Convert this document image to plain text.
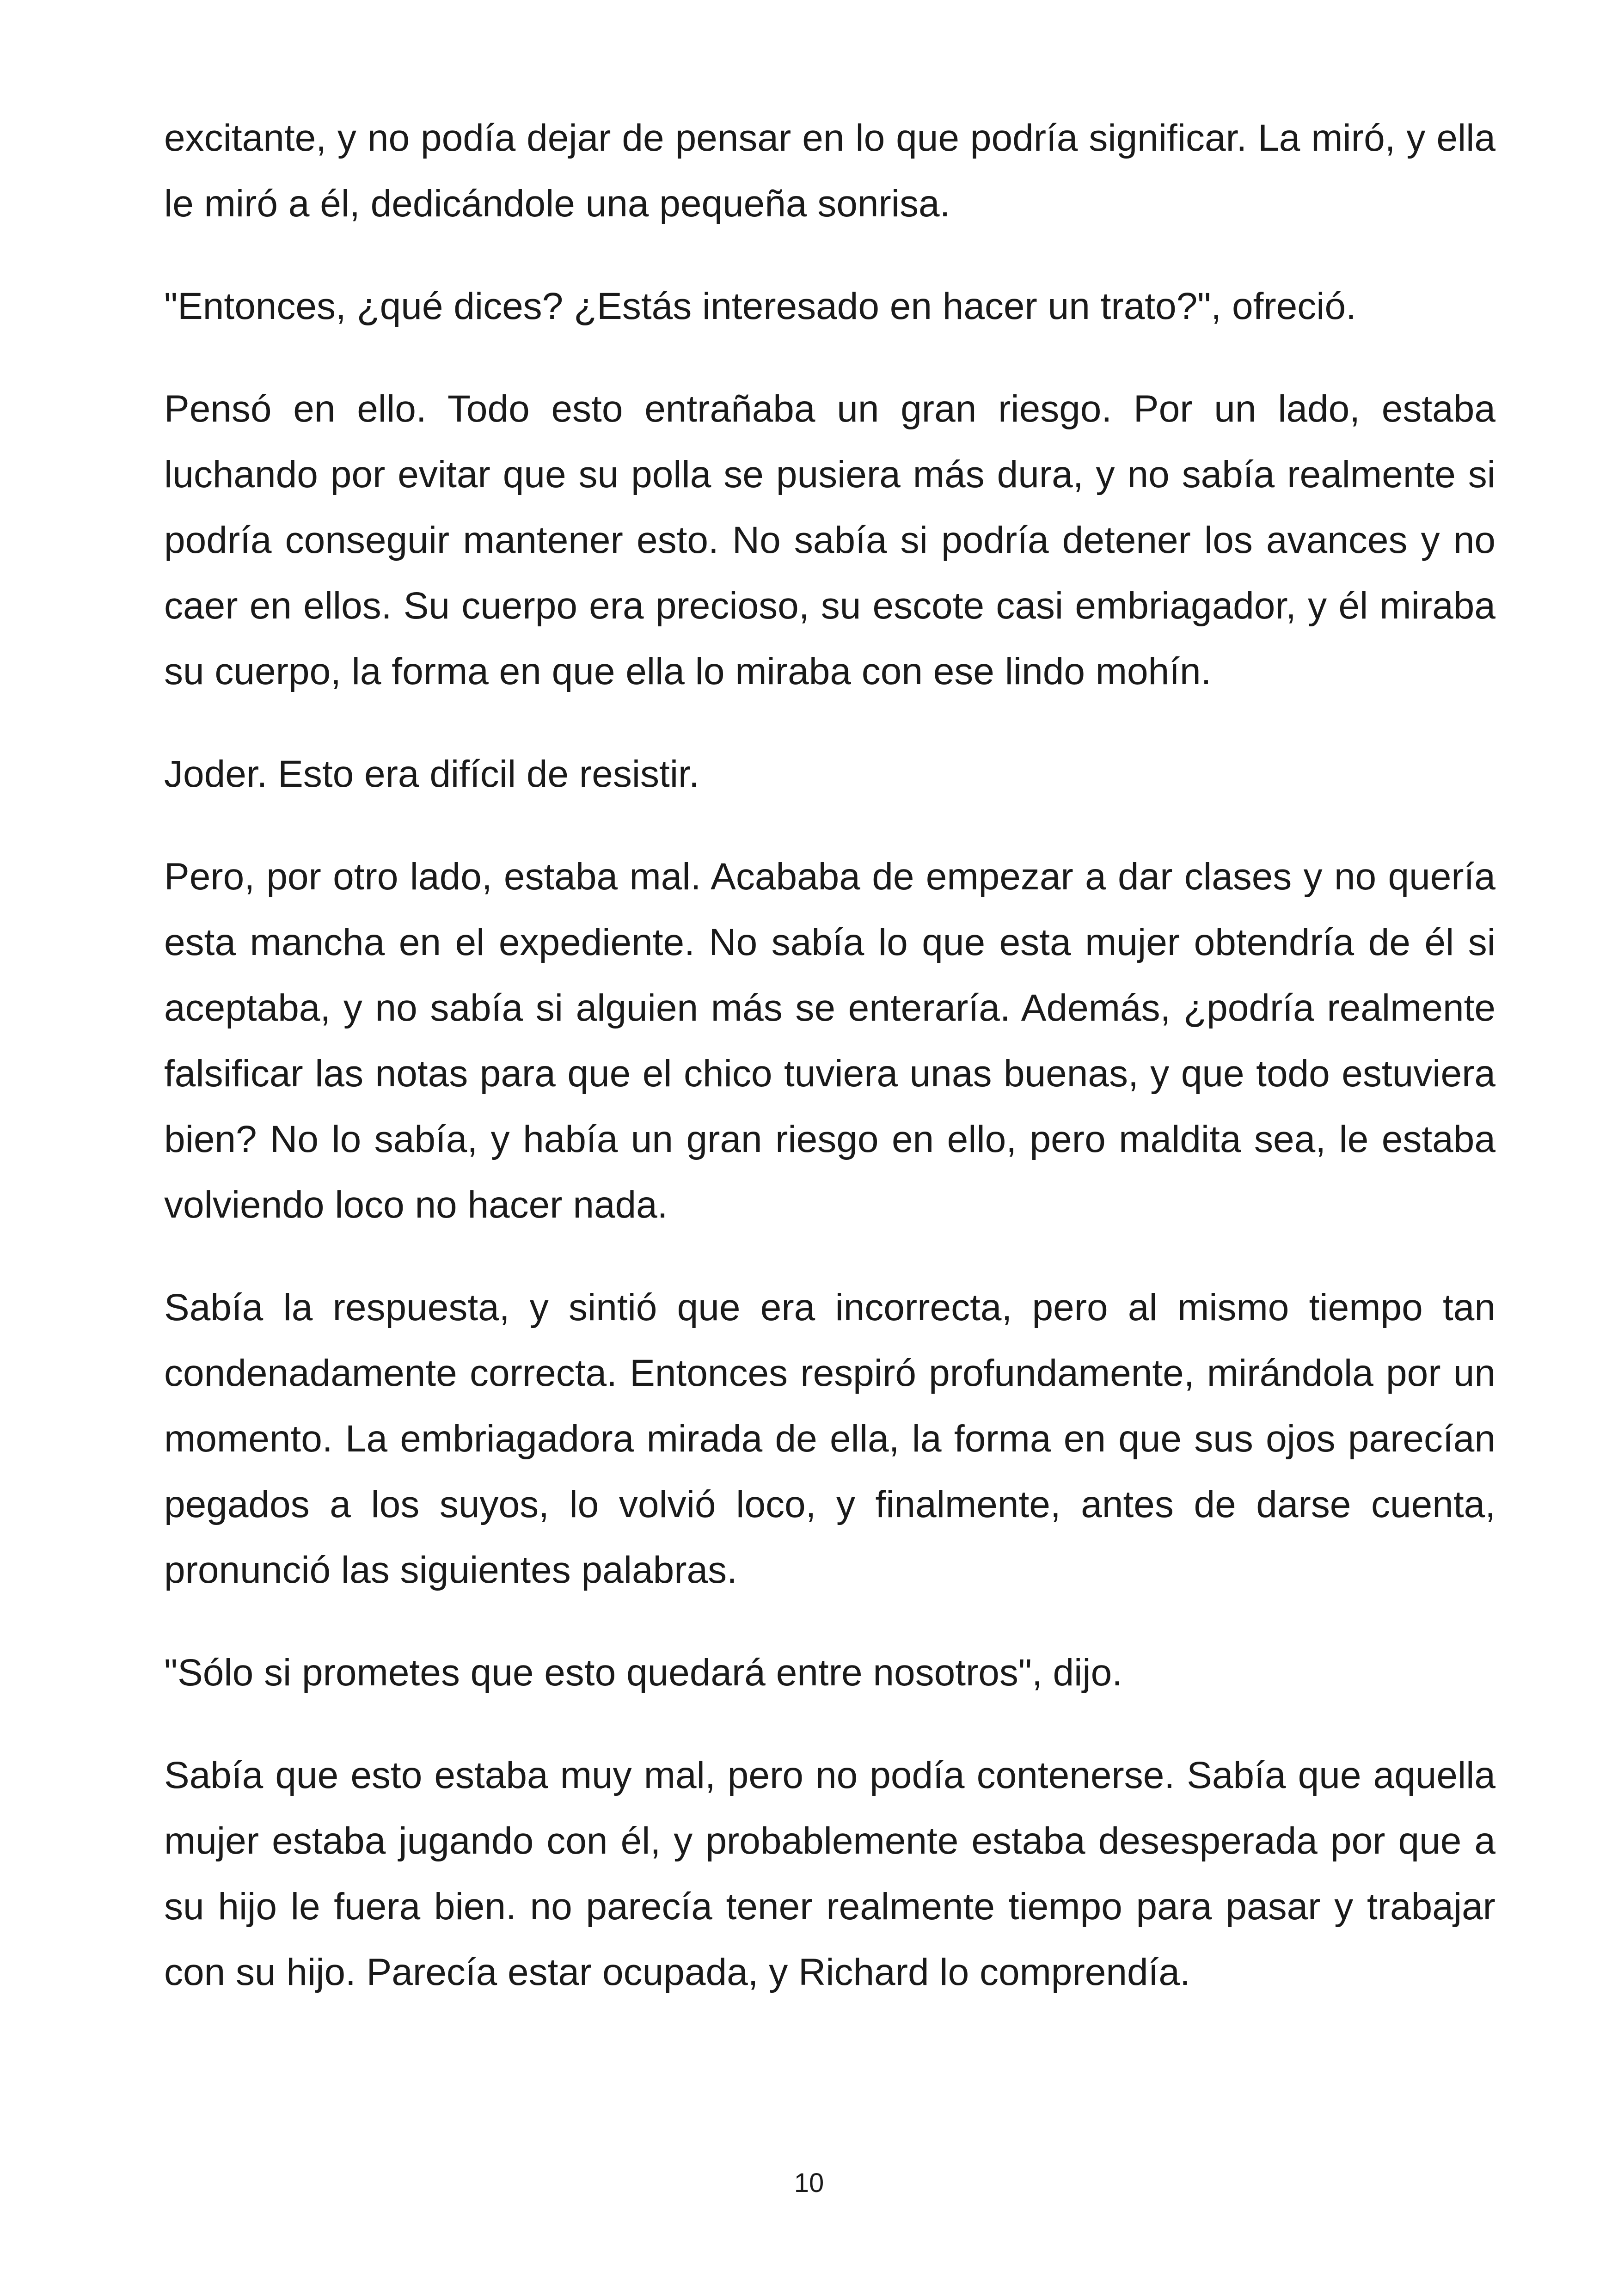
excitante, y no podía dejar de pensar en lo que podría significar. La miró, y ella le miró a él, dedicándole una pequeña sonrisa.

"Entonces, ¿qué dices? ¿Estás interesado en hacer un trato?", ofreció.

Pensó en ello. Todo esto entrañaba un gran riesgo. Por un lado, estaba luchando por evitar que su polla se pusiera más dura, y no sabía realmente si podría conseguir mantener esto. No sabía si podría detener los avances y no caer en ellos. Su cuerpo era precioso, su escote casi embriagador, y él miraba su cuerpo, la forma en que ella lo miraba con ese lindo mohín.

Joder. Esto era difícil de resistir.

Pero, por otro lado, estaba mal. Acababa de empezar a dar clases y no quería esta mancha en el expediente. No sabía lo que esta mujer obtendría de él si aceptaba, y no sabía si alguien más se enteraría. Además, ¿podría realmente falsificar las notas para que el chico tuviera unas buenas, y que todo estuviera bien? No lo sabía, y había un gran riesgo en ello, pero maldita sea, le estaba volviendo loco no hacer nada.

Sabía la respuesta, y sintió que era incorrecta, pero al mismo tiempo tan condenadamente correcta. Entonces respiró profundamente, mirándola por un momento. La embriagadora mirada de ella, la forma en que sus ojos parecían pegados a los suyos, lo volvió loco, y finalmente, antes de darse cuenta, pronunció las siguientes palabras.

"Sólo si prometes que esto quedará entre nosotros", dijo.

Sabía que esto estaba muy mal, pero no podía contenerse. Sabía que aquella mujer estaba jugando con él, y probablemente estaba desesperada por que a su hijo le fuera bien. no parecía tener realmente tiempo para pasar y trabajar con su hijo. Parecía estar ocupada, y Richard lo comprendía.

10
